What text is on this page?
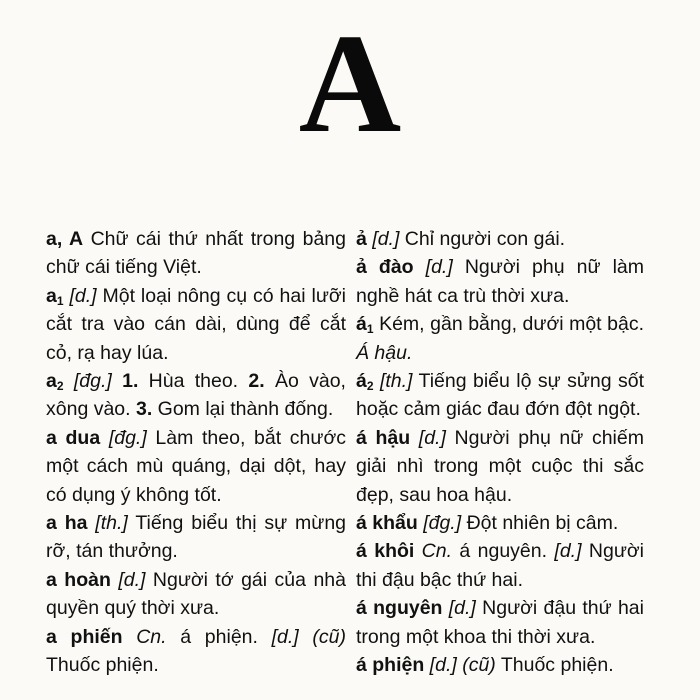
A

a, A Chữ cái thứ nhất trong bảng chữ cái tiếng Việt.

$a_1$ [d.] Một loại nông cụ có hai lưỡi cắt tra vào cán dài, dùng để cắt cỏ, rạ hay lúa.

$a_2$ [đg.] 1. Hùa theo. 2. Ào vào, xông vào. 3. Gom lại thành đống.

a dua [đg.] Làm theo, bắt chước một cách mù quáng, dại dột, hay có dụng ý không tốt.

a ha [th.] Tiếng biểu thị sự mừng rỡ, tán thưởng.

a hoàn [d.] Người tớ gái của nhà quyền quý thời xưa.

a phiến Cn. á phiện. [d.] (cũ) Thuốc phiện.

ả [d.] Chỉ người con gái.

ả đào [d.] Người phụ nữ làm nghề hát ca trù thời xưa.

$á_1$ Kém, gần bằng, dưới một bậc. Á hậu.

$á_2$ [th.] Tiếng biểu lộ sự sửng sốt hoặc cảm giác đau đớn đột ngột.

á hậu [d.] Người phụ nữ chiếm giải nhì trong một cuộc thi sắc đẹp, sau hoa hậu.

á khẩu [đg.] Đột nhiên bị câm.

á khôi Cn. á nguyên. [d.] Người thi đậu bậc thứ hai.

á nguyên [d.] Người đậu thứ hai trong một khoa thi thời xưa.

á phiện [d.] (cũ) Thuốc phiện.
